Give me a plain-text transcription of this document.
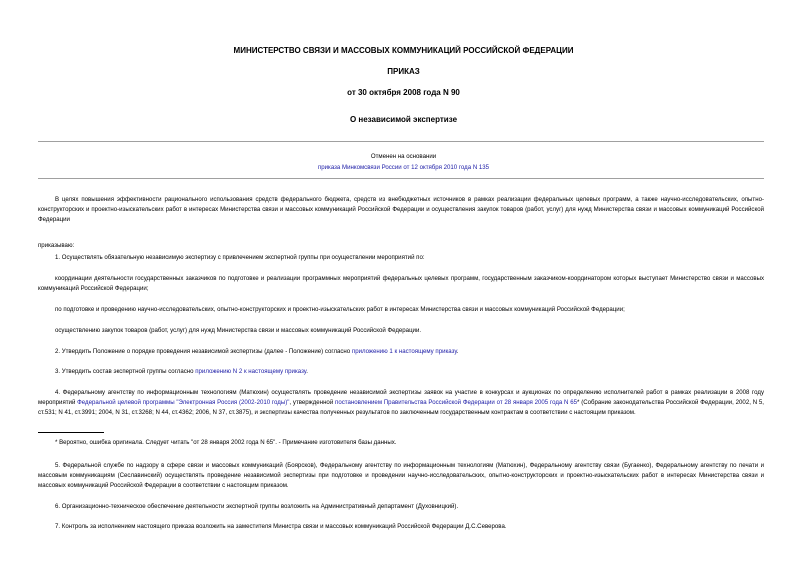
МИНИСТЕРСТВО СВЯЗИ И МАССОВЫХ КОММУНИКАЦИЙ РОССИЙСКОЙ ФЕДЕРАЦИИ
ПРИКАЗ
от 30 октября 2008 года N 90
О независимой экспертизе
Отменен на основании
приказа Минкомсвязи России от 12 октября 2010 года N 135
В целях повышения эффективности рационального использования средств федерального бюджета, средств из внебюджетных источников в рамках реализации федеральных целевых программ, а также научно-исследовательских, опытно-конструкторских и проектно-изыскательских работ в интересах Министерства связи и массовых коммуникаций Российской Федерации и осуществления закупок товаров (работ, услуг) для нужд Министерства связи и массовых коммуникаций Российской Федерации
приказываю:
1. Осуществлять обязательную независимую экспертизу с привлечением экспертной группы при осуществлении мероприятий по:
координации деятельности государственных заказчиков по подготовке и реализации программных мероприятий федеральных целевых программ, государственным заказчиком-координатором которых выступает Министерство связи и массовых коммуникаций Российской Федерации;
по подготовке и проведению научно-исследовательских, опытно-конструкторских и проектно-изыскательских работ в интересах Министерства связи и массовых коммуникаций Российской Федерации;
осуществлению закупок товаров (работ, услуг) для нужд Министерства связи и массовых коммуникаций Российской Федерации.
2. Утвердить Положение о порядке проведения независимой экспертизы (далее - Положение) согласно приложению 1 к настоящему приказу.
3. Утвердить состав экспертной группы согласно приложению N 2 к настоящему приказу.
4. Федеральному агентству по информационным технологиям (Матюхин) осуществлять проведение независимой экспертизы заявок на участие в конкурсах и аукционах по определению исполнителей работ в рамках реализации в 2008 году мероприятий Федеральной целевой программы "Электронная Россия (2002-2010 годы)", утвержденной постановлением Правительства Российской Федерации от 28 января 2005 года N 65* (Собрание законодательства Российской Федерации, 2002, N 5, ст.531; N 41, ст.3991; 2004, N 31, ст.3268; N 44, ст.4362; 2006, N 37, ст.3875), и экспертизы качества полученных результатов по заключенным государственным контрактам в соответствии с настоящим приказом.
* Вероятно, ошибка оригинала. Следует читать "от 28 января 2002 года N 65". - Примечание изготовителя базы данных.
5. Федеральной службе по надзору в сфере связи и массовых коммуникаций (Боярсков), Федеральному агентству по информационным технологиям (Матюхин), Федеральному агентству связи (Бугаенко), Федеральному агентству по печати и массовым коммуникациям (Сеславинский) осуществлять проведение независимой экспертизы при подготовке и проведении научно-исследовательских, опытно-конструкторских и проектно-изыскательских работ в интересах Министерства связи и массовых коммуникаций Российской Федерации в соответствии с настоящим приказом.
6. Организационно-техническое обеспечение деятельности экспертной группы возложить на Административный департамент (Духовницкий).
7. Контроль за исполнением настоящего приказа возложить на заместителя Министра связи и массовых коммуникаций Российской Федерации Д.С.Северова.
